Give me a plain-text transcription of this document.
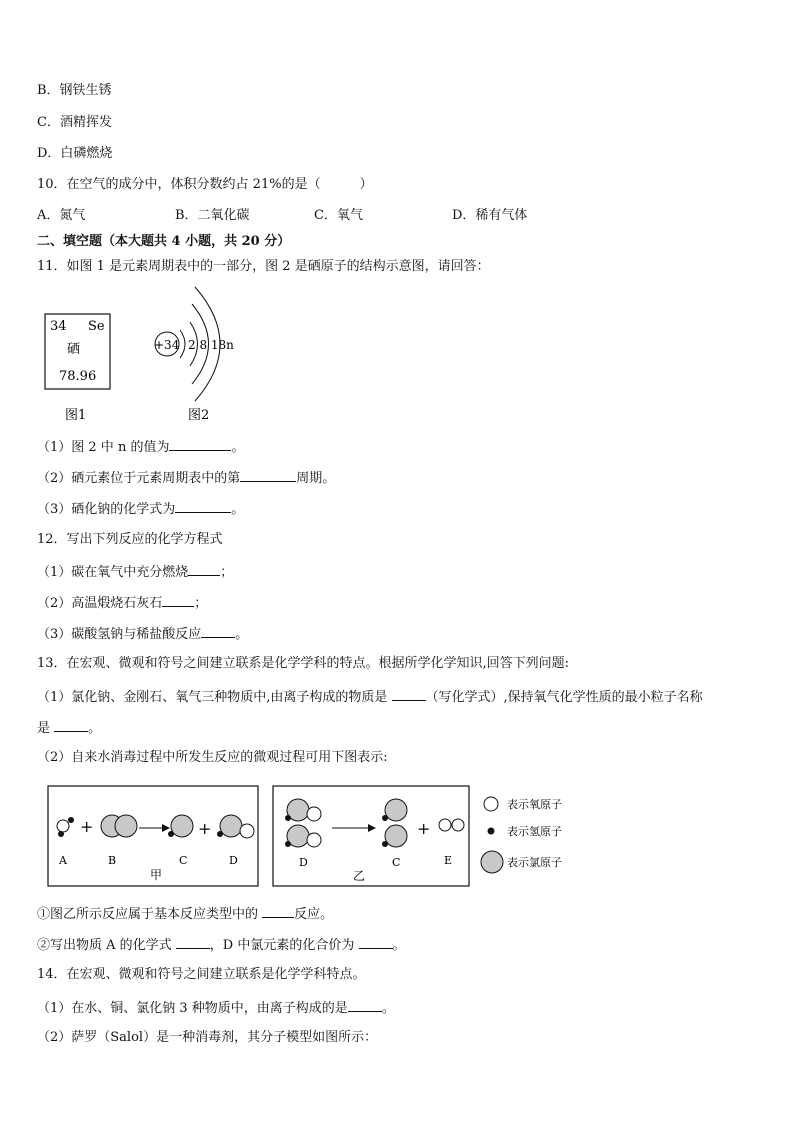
B．钢铁生锈
C．酒精挥发
D．白磷燃烧
10．在空气的成分中，体积分数约占 21%的是（　　　）
A．氮气	B．二氧化碳	C．氧气	D．稀有气体
二、填空题（本大题共 4 小题，共 20 分）
11．如图 1 是元素周期表中的一部分，图 2 是硒原子的结构示意图，请回答：
34 Se
硒
78.96
图1
+34 2 8 18n
图2
（1）图 2 中 n 的值为	。
（2）硒元素位于元素周期表中的第	周期。
（3）硒化钠的化学式为	。
12．写出下列反应的化学方程式
（1）碳在氧气中充分燃烧 ；
（2）高温煅烧石灰石 ；
（3）碳酸氢钠与稀盐酸反应	。
13．在宏观、微观和符号之间建立联系是化学学科的特点。根据所学化学知识,回答下列问题:
（1）氯化钠、金刚石、氧气三种物质中,由离子构成的物质是	（写化学式）,保持氧气化学性质的最小粒子名称
是	。
（2）自来水消毒过程中所发生反应的微观过程可用下图表示:
+	+
A	B	C	D
甲
+
D	C	E
乙
表示氧原子
表示氢原子
表示氯原子
①图乙所示反应属于基本反应类型中的	反应。
②写出物质 A 的化学式	，D 中氯元素的化合价为	。
14．在宏观、微观和符号之间建立联系是化学学科特点。
（1）在水、铜、氯化钠 3 种物质中，由离子构成的是	。
（2）萨罗（Salol）是一种消毒剂，其分子模型如图所示：
